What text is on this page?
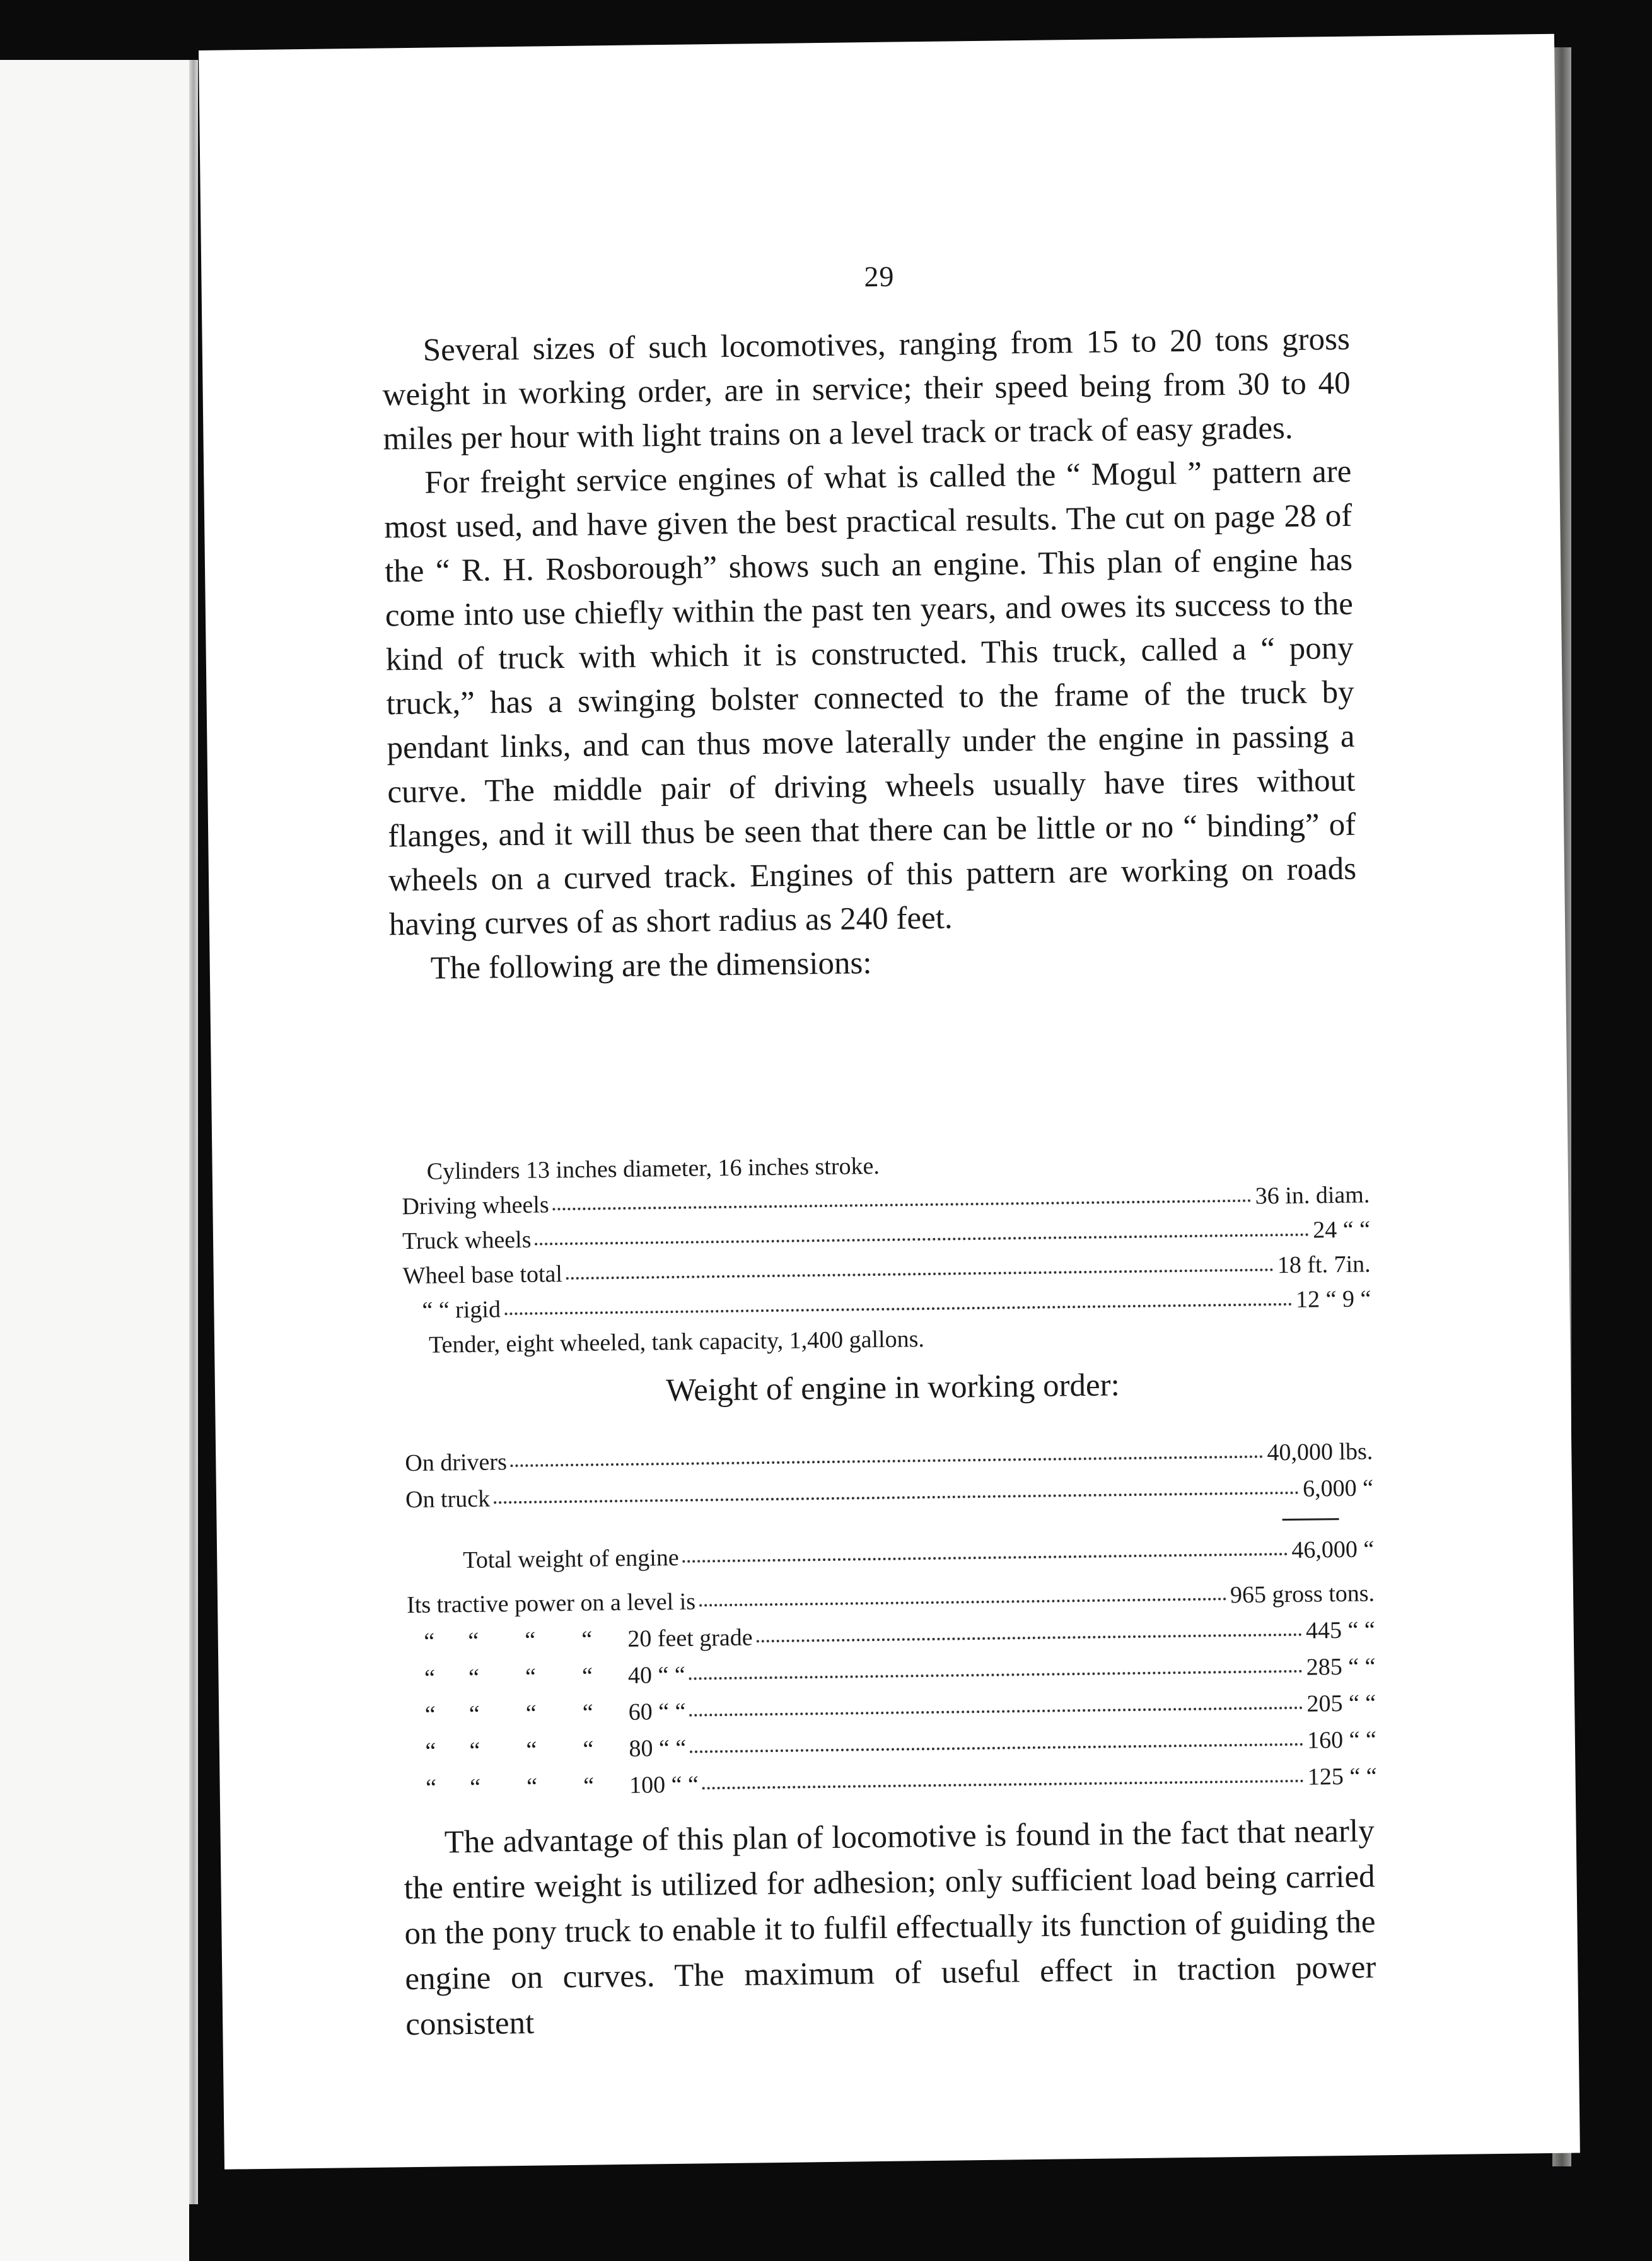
29

Several sizes of such locomotives, ranging from 15 to 20 tons gross weight in working order, are in service; their speed being from 30 to 40 miles per hour with light trains on a level track or track of easy grades.

For freight service engines of what is called the “ Mogul ” pattern are most used, and have given the best practical results. The cut on page 28 of the “ R. H. Rosborough” shows such an engine. This plan of engine has come into use chiefly within the past ten years, and owes its success to the kind of truck with which it is constructed. This truck, called a “ pony truck,” has a swinging bolster connected to the frame of the truck by pendant links, and can thus move laterally under the engine in passing a curve. The middle pair of driving wheels usually have tires without flanges, and it will thus be seen that there can be little or no “ binding” of wheels on a curved track. Engines of this pattern are working on roads having curves of as short radius as 240 feet.

The following are the dimensions:

Cylinders 13 inches diameter, 16 inches stroke.
Driving wheels	36 in. diam.
Truck wheels	24 “ “
Wheel base total	18 ft. 7in.
“ “ rigid	12 “ 9 “
Tender, eight wheeled, tank capacity, 1,400 gallons.
Weight of engine in working order:
On drivers	40,000 lbs.
On truck	6,000 “
Total weight of engine	46,000 “
Its tractive power on a level is	965 gross tons.
“ “ “ “ 20 feet grade	445 “ “
“ “ “ “ 40 “ “	285 “ “
“ “ “ “ 60 “ “	205 “ “
“ “ “ “ 80 “ “	160 “ “
“ “ “ “ 100 “ “	125 “ “

The advantage of this plan of locomotive is found in the fact that nearly the entire weight is utilized for adhesion; only sufficient load being carried on the pony truck to enable it to fulfil effectually its function of guiding the engine on curves. The maximum of useful effect in traction power consistent
